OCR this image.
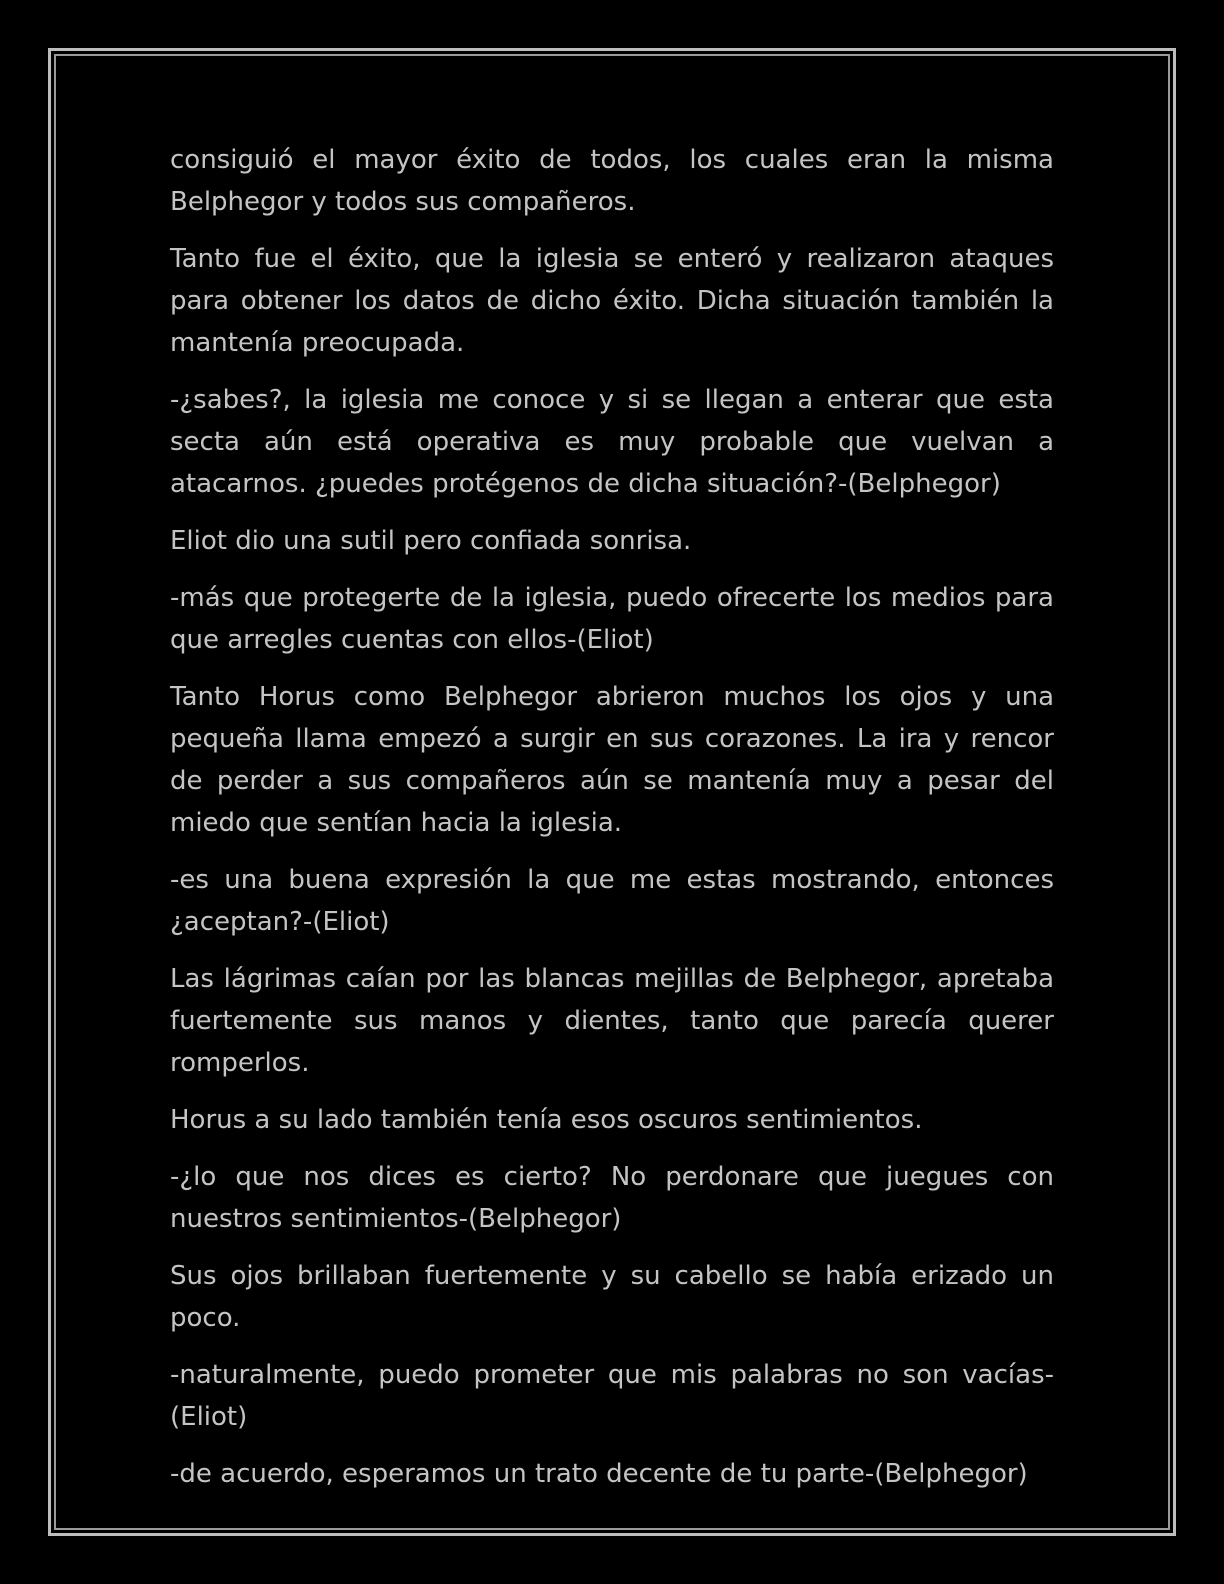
consiguió el mayor éxito de todos, los cuales eran la misma Belphegor y todos sus compañeros.

Tanto fue el éxito, que la iglesia se enteró y realizaron ataques para obtener los datos de dicho éxito. Dicha situación también la mantenía preocupada.

-¿sabes?, la iglesia me conoce y si se llegan a enterar que esta secta aún está operativa es muy probable que vuelvan a atacarnos. ¿puedes protégenos de dicha situación?-(Belphegor)

Eliot dio una sutil pero confiada sonrisa.

-más que protegerte de la iglesia, puedo ofrecerte los medios para que arregles cuentas con ellos-(Eliot)

Tanto Horus como Belphegor abrieron muchos los ojos y una pequeña llama empezó a surgir en sus corazones. La ira y rencor de perder a sus compañeros aún se mantenía muy a pesar del miedo que sentían hacia la iglesia.

-es una buena expresión la que me estas mostrando, entonces ¿aceptan?-(Eliot)

Las lágrimas caían por las blancas mejillas de Belphegor, apretaba fuertemente sus manos y dientes, tanto que parecía querer romperlos.

Horus a su lado también tenía esos oscuros sentimientos.

-¿lo que nos dices es cierto? No perdonare que juegues con nuestros sentimientos-(Belphegor)

Sus ojos brillaban fuertemente y su cabello se había erizado un poco.

-naturalmente, puedo prometer que mis palabras no son vacías-(Eliot)

-de acuerdo, esperamos un trato decente de tu parte-(Belphegor)
